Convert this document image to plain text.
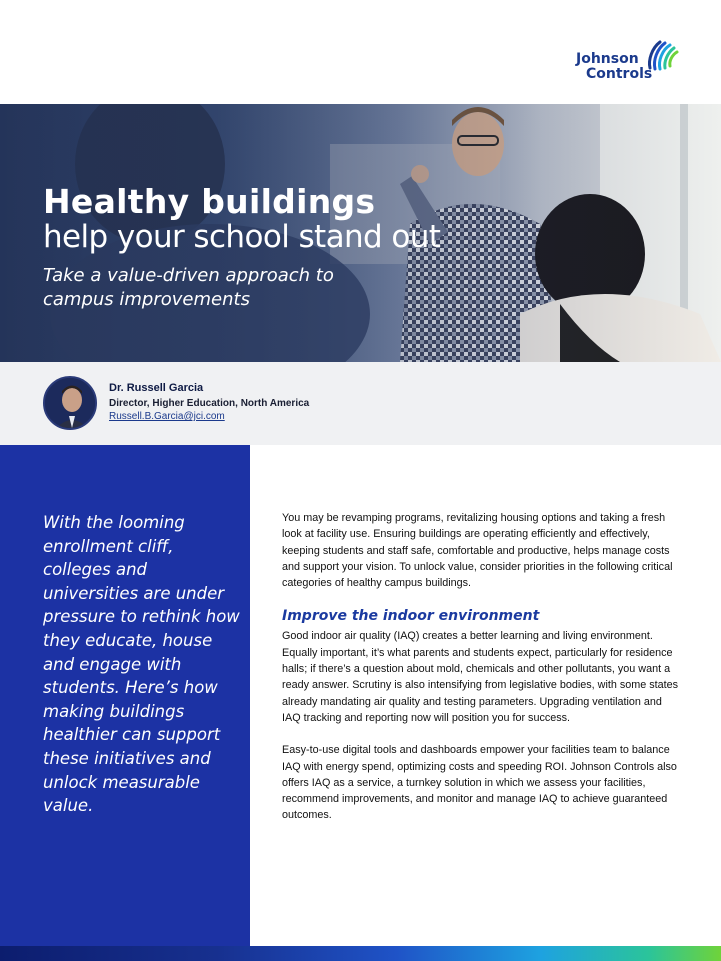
Johnson
Controls
Healthy buildings
help your school stand out
Take a value-driven approach to campus improvements
Dr. Russell Garcia
Director, Higher Education, North America
Russell.B.Garcia@jci.com
With the looming enrollment cliff, colleges and universities are under pressure to rethink how they educate, house and engage with students. Here’s how making buildings healthier can support these initiatives and unlock measurable value.

You may be revamping programs, revitalizing housing options and taking a fresh look at facility use. Ensuring buildings are operating efficiently and effectively, keeping students and staff safe, comfortable and productive, helps manage costs and support your vision. To unlock value, consider priorities in the following critical categories of healthy campus buildings.

Improve the indoor environment

Good indoor air quality (IAQ) creates a better learning and living environment. Equally important, it’s what parents and students expect, particularly for residence halls; if there’s a question about mold, chemicals and other pollutants, you want a ready answer. Scrutiny is also intensifying from legislative bodies, with some states already mandating air quality and testing parameters. Upgrading ventilation and IAQ tracking and reporting now will position you for success.

Easy-to-use digital tools and dashboards empower your facilities team to balance IAQ with energy spend, optimizing costs and speeding ROI. Johnson Controls also offers IAQ as a service, a turnkey solution in which we assess your facilities, recommend improvements, and monitor and manage IAQ to achieve guaranteed outcomes.
